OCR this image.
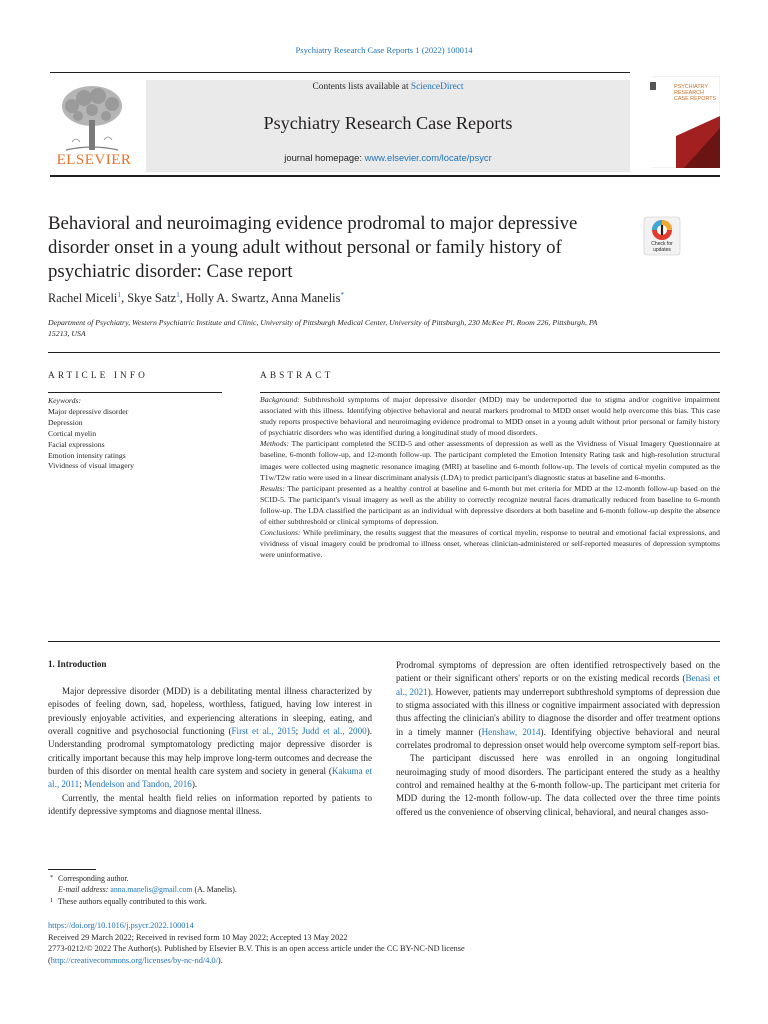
Psychiatry Research Case Reports 1 (2022) 100014
ELSEVIER
Contents lists available at ScienceDirect
Psychiatry Research Case Reports
journal homepage: www.elsevier.com/locate/psycr
PSYCHIATRY
RESEARCH
CASE REPORTS
Behavioral and neuroimaging evidence prodromal to major depressive disorder onset in a young adult without personal or family history of psychiatric disorder: Case report
Check for
updates
Rachel Miceli$^1$, Skye Satz$^1$, Holly A. Swartz, Anna Manelis*
Department of Psychiatry, Western Psychiatric Institute and Clinic, University of Pittsburgh Medical Center, University of Pittsburgh, 230 McKee Pl, Room 226, Pittsburgh, PA 15213, USA
ARTICLE INFO	ABSTRACT
Keywords:
Major depressive disorder
Depression
Cortical myelin
Facial expressions
Emotion intensity ratings
Vividness of visual imagery

Background: Subthreshold symptoms of major depressive disorder (MDD) may be underreported due to stigma and/or cognitive impairment associated with this illness. Identifying objective behavioral and neural markers prodromal to MDD onset would help overcome this bias. This case study reports prospective behavioral and neuroimaging evidence prodromal to MDD onset in a young adult without prior personal or family history of psychiatric disorders who was identified during a longitudinal study of mood disorders.

Methods: The participant completed the SCID-5 and other assessments of depression as well as the Vividness of Visual Imagery Questionnaire at baseline, 6-month follow-up, and 12-month follow-up. The participant completed the Emotion Intensity Rating task and high-resolution structural images were collected using magnetic resonance imaging (MRI) at baseline and 6-month follow-up. The levels of cortical myelin computed as the T1w/T2w ratio were used in a linear discriminant analysis (LDA) to predict participant's diagnostic status at baseline and 6-months.

Results: The participant presented as a healthy control at baseline and 6-month but met criteria for MDD at the 12-month follow-up based on the SCID-5. The participant's visual imagery as well as the ability to correctly recognize neutral faces dramatically reduced from baseline to 6-month follow-up. The LDA classified the participant as an individual with depressive disorders at both baseline and 6-month follow-up despite the absence of either subthreshold or clinical symptoms of depression.

Conclusions: While preliminary, the results suggest that the measures of cortical myelin, response to neutral and emotional facial expressions, and vividness of visual imagery could be prodromal to illness onset, whereas clinician-administered or self-reported measures of depression symptoms were uninformative.

1. Introduction

Major depressive disorder (MDD) is a debilitating mental illness characterized by episodes of feeling down, sad, hopeless, worthless, fatigued, having low interest in previously enjoyable activities, and experiencing alterations in sleeping, eating, and overall cognitive and psychosocial functioning (First et al., 2015; Judd et al., 2000). Understanding prodromal symptomatology predicting major depressive disorder is critically important because this may help improve long-term outcomes and decrease the burden of this disorder on mental health care system and society in general (Kakuma et al., 2011; Mendelson and Tandon, 2016).

Currently, the mental health field relies on information reported by patients to identify depressive symptoms and diagnose mental illness.

Prodromal symptoms of depression are often identified retrospectively based on the patient or their significant others' reports or on the existing medical records (Benasi et al., 2021). However, patients may underreport subthreshold symptoms of depression due to stigma associated with this illness or cognitive impairment associated with depression thus affecting the clinician's ability to diagnose the disorder and offer treatment options in a timely manner (Henshaw, 2014). Identifying objective behavioral and neural correlates prodromal to depression onset would help overcome symptom self-report bias.

The participant discussed here was enrolled in an ongoing longitudinal neuroimaging study of mood disorders. The participant entered the study as a healthy control and remained healthy at the 6-month follow-up. The participant met criteria for MDD during the 12-month follow-up. The data collected over the three time points offered us the convenience of observing clinical, behavioral, and neural changes asso-

* Corresponding author.
E-mail address: anna.manelis@gmail.com (A. Manelis).
1 These authors equally contributed to this work.
https://doi.org/10.1016/j.psycr.2022.100014
Received 29 March 2022; Received in revised form 10 May 2022; Accepted 13 May 2022
2773-0212/© 2022 The Author(s). Published by Elsevier B.V. This is an open access article under the CC BY-NC-ND license
(http://creativecommons.org/licenses/by-nc-nd/4.0/).
